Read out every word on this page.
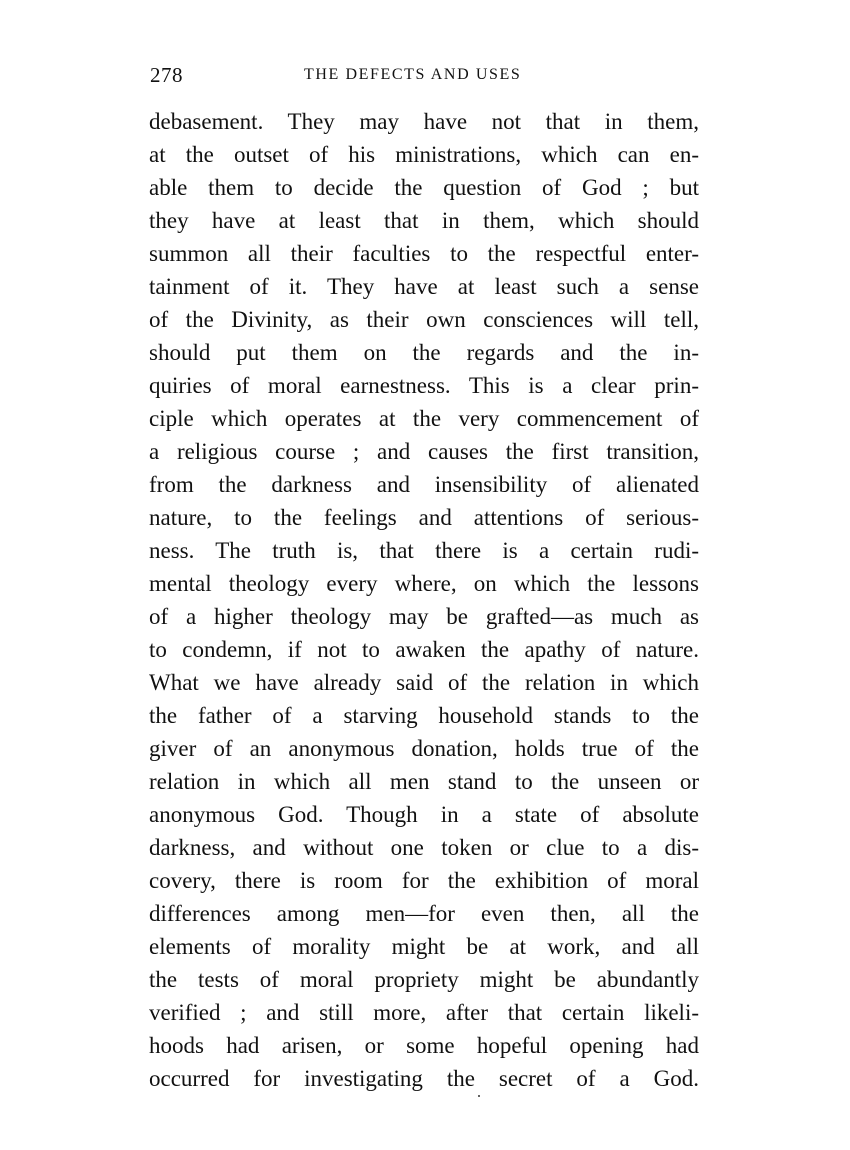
278	THE DEFECTS AND USES
debasement. They may have not that in them,
at the outset of his ministrations, which can en-
able them to decide the question of God ; but
they have at least that in them, which should
summon all their faculties to the respectful enter-
tainment of it. They have at least such a sense
of the Divinity, as their own consciences will tell,
should put them on the regards and the in-
quiries of moral earnestness. This is a clear prin-
ciple which operates at the very commencement of
a religious course ; and causes the first transition,
from the darkness and insensibility of alienated
nature, to the feelings and attentions of serious-
ness. The truth is, that there is a certain rudi-
mental theology every where, on which the lessons
of a higher theology may be grafted—as much as
to condemn, if not to awaken the apathy of nature.
What we have already said of the relation in which
the father of a starving household stands to the
giver of an anonymous donation, holds true of the
relation in which all men stand to the unseen or
anonymous God. Though in a state of absolute
darkness, and without one token or clue to a dis-
covery, there is room for the exhibition of moral
differences among men—for even then, all the
elements of morality might be at work, and all
the tests of moral propriety might be abundantly
verified ; and still more, after that certain likeli-
hoods had arisen, or some hopeful opening had
occurred for investigating the secret of a God.
